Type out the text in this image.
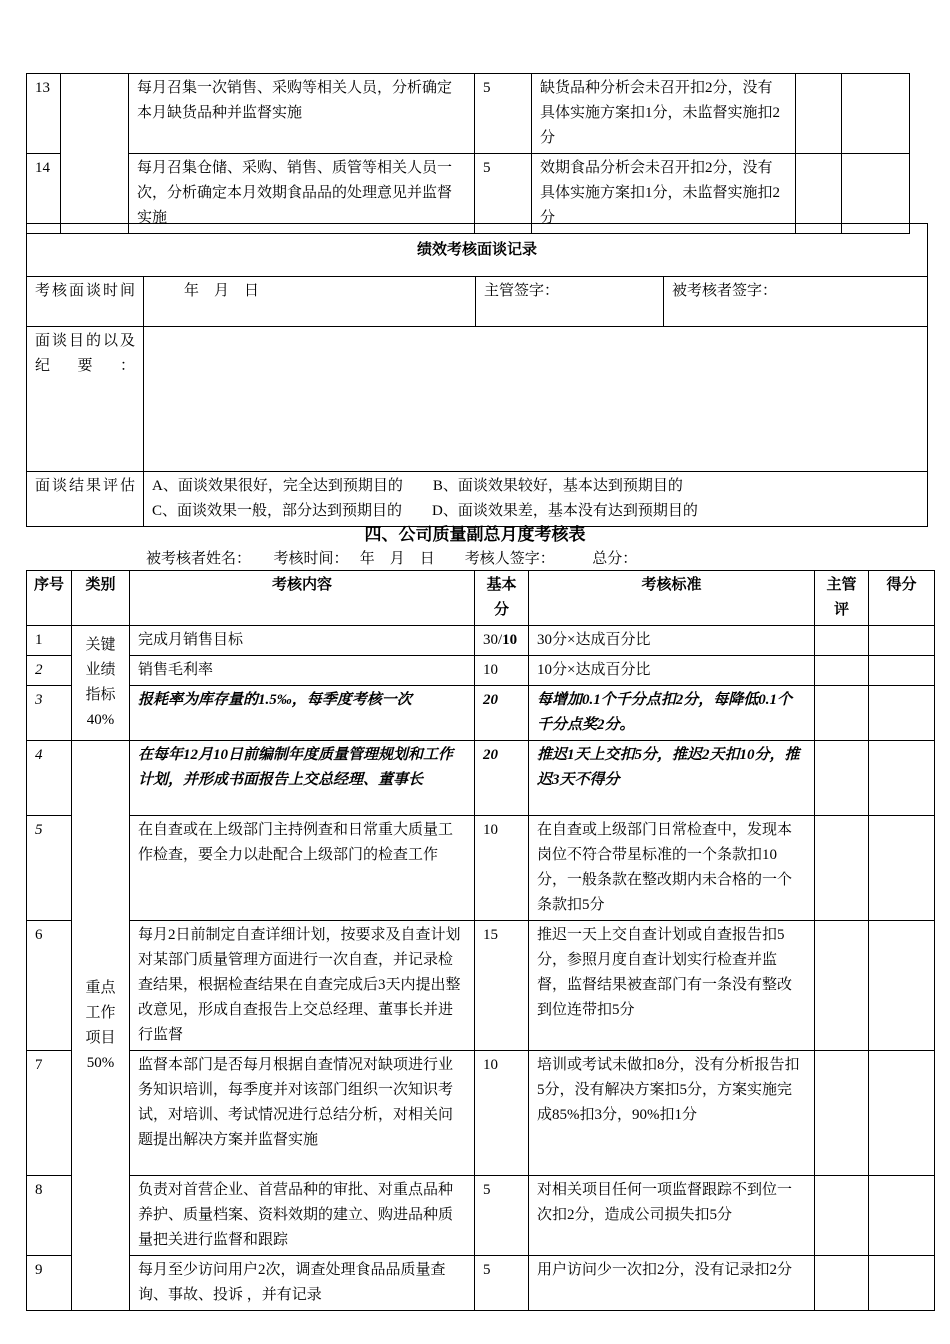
13		每月召集一次销售、采购等相关人员，分析确定本月缺货品种并监督实施	5	缺货品种分析会未召开扣2分，没有具体实施方案扣1分，未监督实施扣2分		
14		每月召集仓储、采购、销售、质管等相关人员一次，分析确定本月效期食品品的处理意见并监督实施	5	效期食品分析会未召开扣2分，没有具体实施方案扣1分，未监督实施扣2分		
绩效考核面谈记录			
考核面谈时间	年　月　日	主管签字：	被考核者签字：
面谈目的以及纪要：			
面谈结果评估	A、面谈效果很好，完全达到预期目的　　B、面谈效果较好，基本达到预期目的
C、面谈效果一般，部分达到预期目的　　D、面谈效果差，基本没有达到预期目的		
四、公司质量副总月度考核表
被考核者姓名：　　考核时间：　 年　月　日　　考核人签字：　　　总分：
序号	类别	考核内容	基本分	考核标准	主管评	得分
1	关键业绩指标40%	完成月销售目标	30/10	30分×达成百分比		
2		销售毛利率	10	10分×达成百分比		
3		报耗率为库存量的1.5‰，每季度考核一次	20	每增加0.1个千分点扣2分，每降低0.1个千分点奖2分。		
4	重点工作项目50%	在每年12月10日前编制年度质量管理规划和工作计划，并形成书面报告上交总经理、董事长	20	推迟1天上交扣5分，推迟2天扣10分，推迟3天不得分		
5		在自查或在上级部门主持例查和日常重大质量工作检查，要全力以赴配合上级部门的检查工作	10	在自查或上级部门日常检查中，发现本岗位不符合带星标准的一个条款扣10分，一般条款在整改期内未合格的一个条款扣5分		
6		每月2日前制定自查详细计划，按要求及自查计划对某部门质量管理方面进行一次自查，并记录检查结果，根据检查结果在自查完成后3天内提出整改意见，形成自查报告上交总经理、董事长并进行监督	15	推迟一天上交自查计划或自查报告扣5分，参照月度自查计划实行检查并监督，监督结果被查部门有一条没有整改到位连带扣5分		
7		监督本部门是否每月根据自查情况对缺项进行业务知识培训，每季度并对该部门组织一次知识考试，对培训、考试情况进行总结分析，对相关问题提出解决方案并监督实施	10	培训或考试未做扣8分，没有分析报告扣5分，没有解决方案扣5分，方案实施完成85%扣3分，90%扣1分		
8		负责对首营企业、首营品种的审批、对重点品种养护、质量档案、资料效期的建立、购进品种质量把关进行监督和跟踪	5	对相关项目任何一项监督跟踪不到位一次扣2分，造成公司损失扣5分		
9		每月至少访问用户2次，调查处理食品品质量查询、事故、投诉 ，并有记录	5	用户访问少一次扣2分，没有记录扣2分		
